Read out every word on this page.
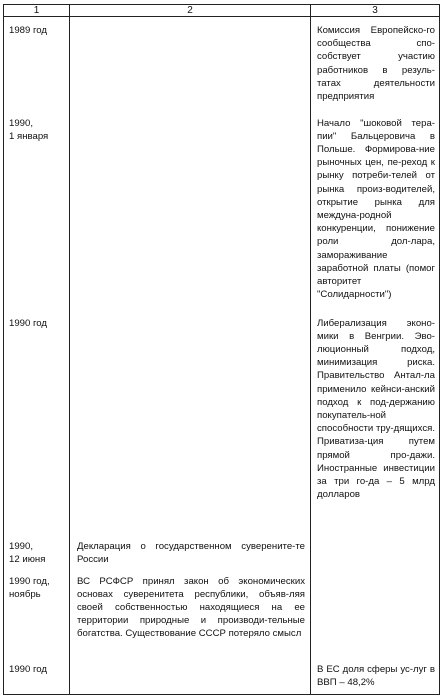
1	2	3

1989 год		Комиссия Европейско-го сообщества спо-собствует участию работников в резуль-татах деятельности предприятия

1990,
1 января		Начало "шоковой тера-пии" Бальцеровича в Польше. Формирова-ние рыночных цен, пе-реход к рынку потреби-телей от рынка произ-водителей, открытие рынка для междуна-родной конкуренции, понижение роли дол-лара, замораживание заработной платы (помог авторитет "Солидарности")

1990 год		Либерализация эконо-мики в Венгрии. Эво-люционный подход, минимизация риска. Правительство Антал-ла применило кейнси-анский подход к под-держанию покупатель-ной способности тру-дящихся. Приватиза-ция путем прямой про-дажи. Иностранные инвестиции за три го-да – 5 млрд долларов

1990,
12 июня	Декларация о государственном суверените-те России	

1990 год,
ноябрь	ВС РСФСР принял закон об экономических основах суверенитета республики, объяв-ляя своей собственностью находящиеся на ее территории природные и производи-тельные богатства. Существование СССР потеряло смысл	

1990 год		В ЕС доля сферы ус-луг в ВВП – 48,2%
